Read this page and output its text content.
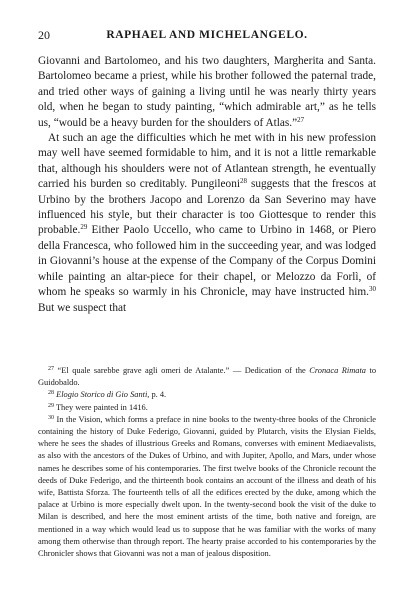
20	RAPHAEL AND MICHELANGELO.

Giovanni and Bartolomeo, and his two daughters, Margherita and Santa. Bartolomeo became a priest, while his brother followed the paternal trade, and tried other ways of gaining a living until he was nearly thirty years old, when he began to study painting, “which admirable art,” as he tells us, “would be a heavy burden for the shoulders of Atlas.”$^{27}$

At such an age the difficulties which he met with in his new profession may well have seemed formidable to him, and it is not a little remarkable that, although his shoulders were not of Atlantean strength, he eventually carried his burden so creditably. Pungileoni$^{28}$ suggests that the frescos at Urbino by the brothers Jacopo and Lorenzo da San Severino may have influenced his style, but their character is too Giottesque to render this probable.$^{29}$ Either Paolo Uccello, who came to Urbino in 1468, or Piero della Francesca, who followed him in the succeeding year, and was lodged in Giovanni’s house at the expense of the Company of the Corpus Domini while painting an altar-piece for their chapel, or Melozzo da Forlì, of whom he speaks so warmly in his Chronicle, may have instructed him.$^{30}$ But we suspect that

$^{27}$ “El quale sarebbe grave agli omeri de Atalante.” — Dedication of the Cronaca Rimata to Guidobaldo.

$^{28}$ Elogio Storico di Gio Santi, p. 4.

$^{29}$ They were painted in 1416.

$^{30}$ In the Vision, which forms a preface in nine books to the twenty-three books of the Chronicle containing the history of Duke Federigo, Giovanni, guided by Plutarch, visits the Elysian Fields, where he sees the shades of illustrious Greeks and Romans, converses with eminent Mediaevalists, as also with the ancestors of the Dukes of Urbino, and with Jupiter, Apollo, and Mars, under whose names he describes some of his contemporaries. The first twelve books of the Chronicle recount the deeds of Duke Federigo, and the thirteenth book contains an account of the illness and death of his wife, Battista Sforza. The fourteenth tells of all the edifices erected by the duke, among which the palace at Urbino is more especially dwelt upon. In the twenty-second book the visit of the duke to Milan is described, and here the most eminent artists of the time, both native and foreign, are mentioned in a way which would lead us to suppose that he was familiar with the works of many among them otherwise than through report. The hearty praise accorded to his contemporaries by the Chronicler shows that Giovanni was not a man of jealous disposition.
